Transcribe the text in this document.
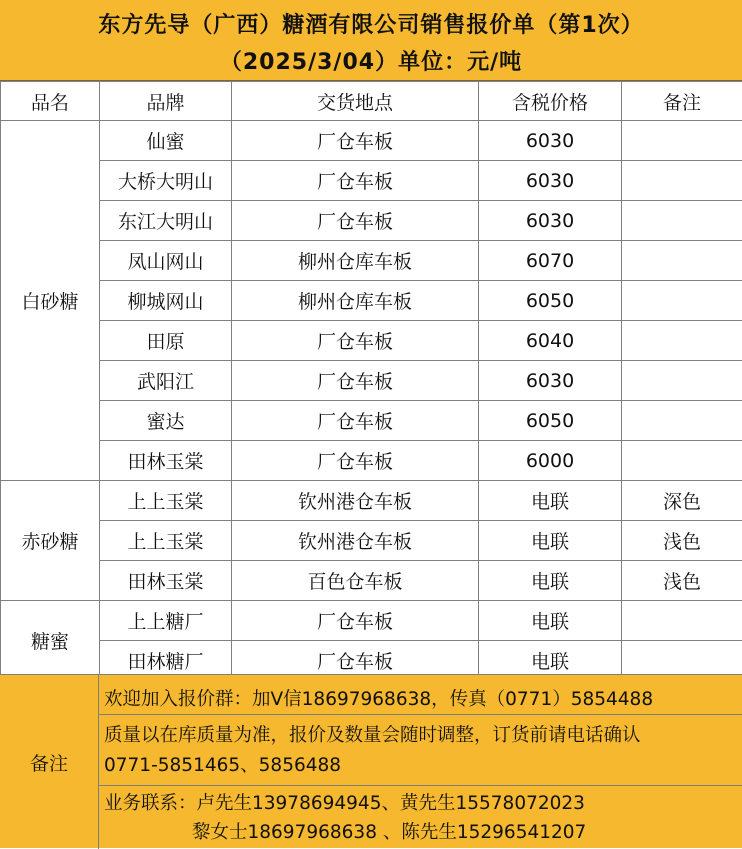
东方先导（广西）糖酒有限公司销售报价单（第1次）
（2025/3/04）单位：元/吨
品名	品牌	交货地点	含税价格	备注
白砂糖	仙蜜	厂仓车板	6030	
	大桥大明山	厂仓车板	6030	
	东江大明山	厂仓车板	6030	
	凤山网山	柳州仓库车板	6070	
	柳城网山	柳州仓库车板	6050	
	田原	厂仓车板	6040	
	武阳江	厂仓车板	6030	
	蜜达	厂仓车板	6050	
	田林玉棠	厂仓车板	6000	
赤砂糖	上上玉棠	钦州港仓车板	电联	深色
	上上玉棠	钦州港仓车板	电联	浅色
	田林玉棠	百色仓车板	电联	浅色
糖蜜	上上糖厂	厂仓车板	电联	
	田林糖厂	厂仓车板	电联	
备注
欢迎加入报价群：加V信18697968638，传真（0771）5854488
质量以在库质量为准，报价及数量会随时调整，订货前请电话确认
0771-5851465、5856488
业务联系：卢先生13978694945、黄先生15578072023
黎女士18697968638 、陈先生15296541207
